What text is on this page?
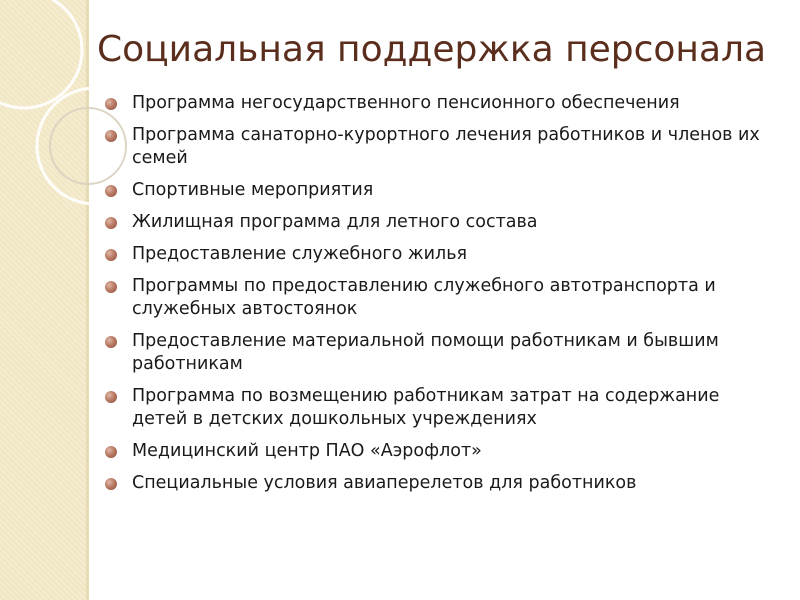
Социальная поддержка персонала
Программа негосударственного пенсионного обеспечения
Программа санаторно-курортного лечения работников и членов их семей
Спортивные мероприятия
Жилищная программа для летного состава
Предоставление служебного жилья
Программы по предоставлению служебного автотранспорта и служебных автостоянок
Предоставление материальной помощи работникам и бывшим работникам
Программа по возмещению работникам затрат на содержание детей в детских дошкольных учреждениях
Медицинский центр ПАО «Аэрофлот»
Специальные условия авиаперелетов для работников
